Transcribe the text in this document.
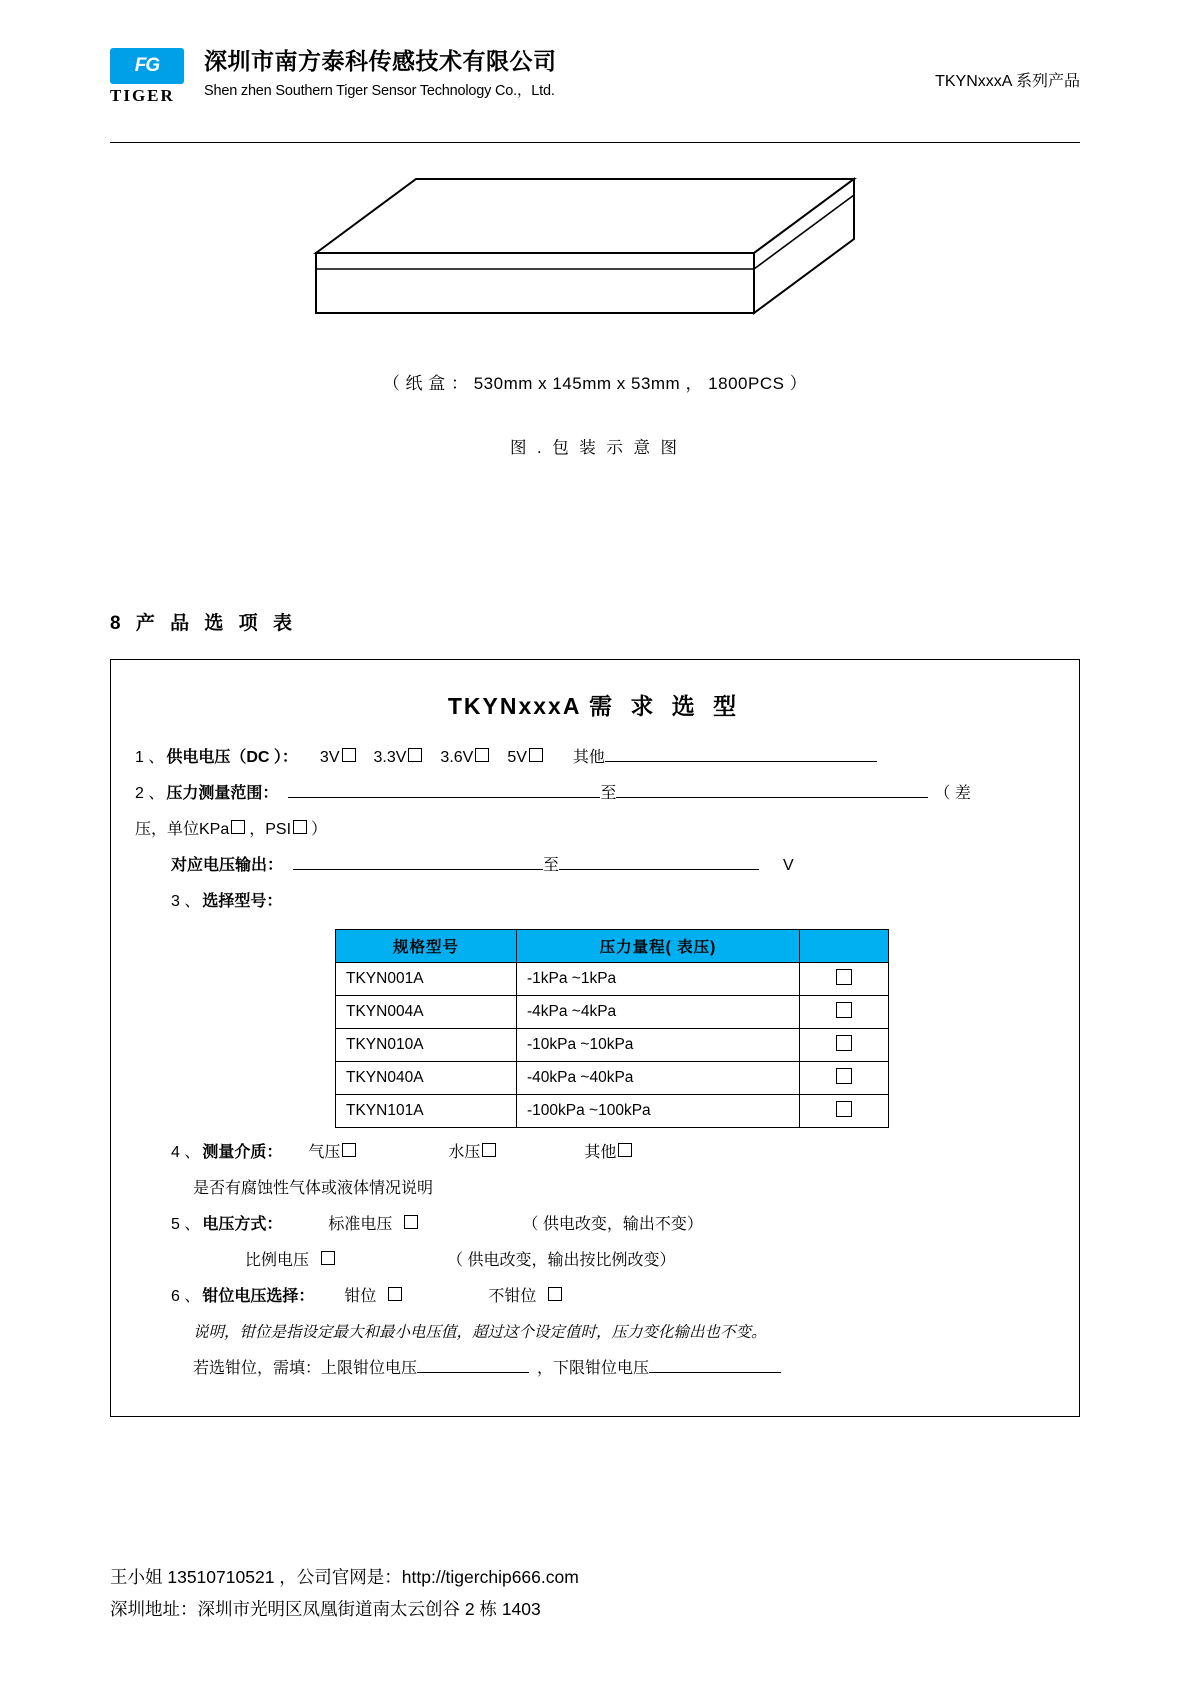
FG
TIGER
深圳市南方泰科传感技术有限公司
Shen zhen Southern Tiger Sensor Technology Co.，Ltd.
TKYNxxxA 系列产品
（ 纸 盒 ： 530mm x 145mm x 53mm ， 1800PCS ）
图 . 包 装 示 意 图
8 产 品 选 项 表
TKYNxxxA 需 求 选 型
1 、 供电电压（DC ）： 3V 3.3V 3.6V 5V	其他
2 、 压力测量范围：	至	（ 差
压，单位KPa ，PSI ）
对应电压输出：	至	V
3 、 选择型号：
规格型号	压力量程( 表压)	
TKYN001A	-1kPa ~1kPa	
TKYN004A	-4kPa ~4kPa	
TKYN010A	-10kPa ~10kPa	
TKYN040A	-40kPa ~40kPa	
TKYN101A	-100kPa ~100kPa	
4 、 测量介质： 气压	水压	其他
是否有腐蚀性气体或液体情况说明
5 、 电压方式：	标准电压	（ 供电改变，输出不变）
比例电压	（ 供电改变，输出按比例改变）
6 、 钳位电压选择： 钳位	不钳位
说明，钳位是指设定最大和最小电压值，超过这个设定值时，压力变化输出也不变。
若选钳位，需填：上限钳位电压	，下限钳位电压
王小姐 13510710521 ，公司官网是：http://tigerchip666.com
深圳地址：深圳市光明区凤凰街道南太云创谷 2 栋 1403
